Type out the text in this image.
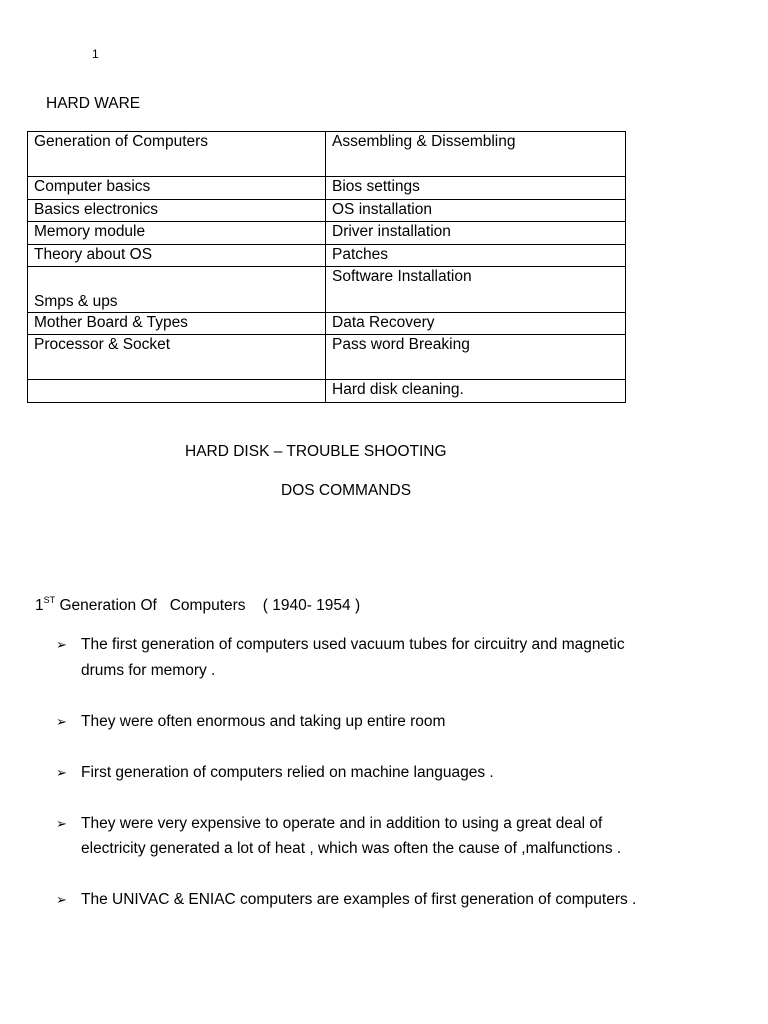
1
HARD WARE
Generation of Computers	Assembling & Dissembling
Computer basics	Bios settings
Basics electronics	OS installation
Memory module	Driver installation
Theory about OS	Patches
Smps & ups	Software Installation
Mother Board & Types	Data Recovery
Processor & Socket	Pass word Breaking
	Hard disk cleaning.
HARD DISK – TROUBLE SHOOTING
DOS COMMANDS
1ST Generation Of   Computers    ( 1940- 1954 )
➢ The first generation of computers used vacuum tubes for circuitry and magnetic
drums for memory .
➢ They were often enormous and taking up entire room
➢ First generation of computers relied on machine languages .
➢ They were very expensive to operate and in addition to using a great deal of
electricity generated a lot of heat , which was often the cause of ,malfunctions .
➢ The UNIVAC & ENIAC computers are examples of first generation of computers .
